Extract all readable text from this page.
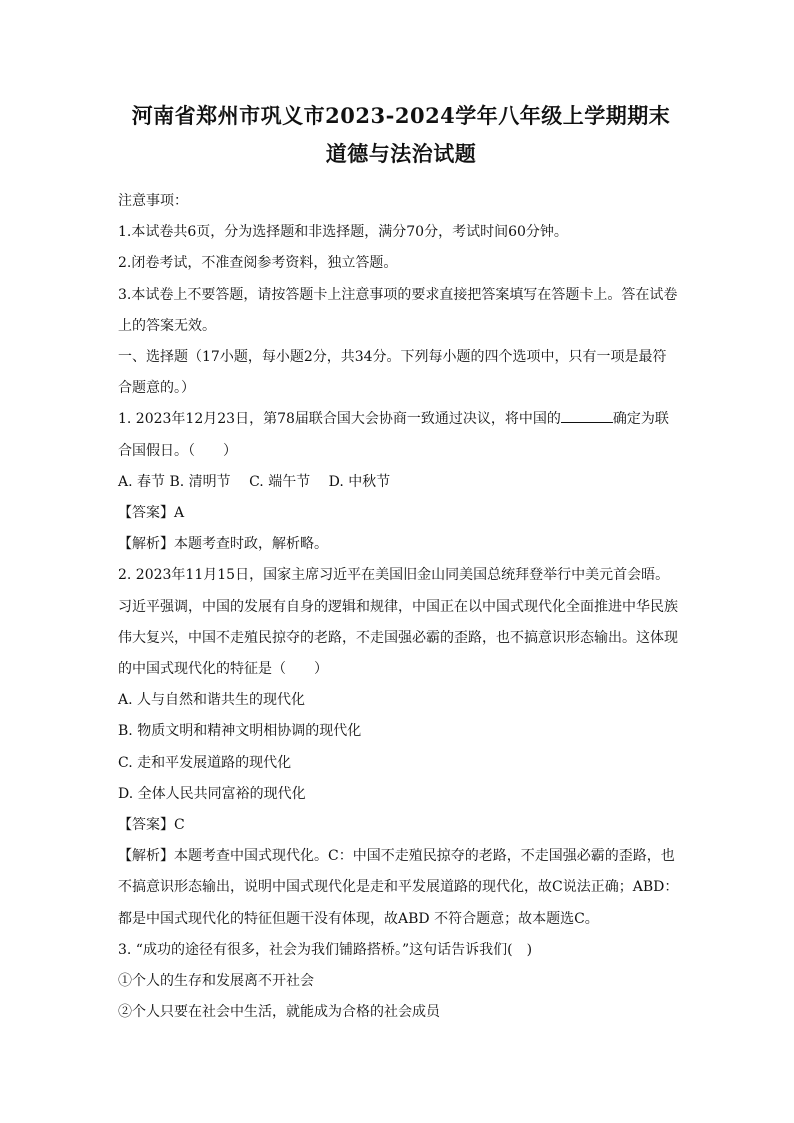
河南省郑州市巩义市2023-2024学年八年级上学期期末
道德与法治试题
注意事项：
1.本试卷共6页，分为选择题和非选择题，满分70分，考试时间60分钟。
2.闭卷考试，不准查阅参考资料，独立答题。
3.本试卷上不要答题，请按答题卡上注意事项的要求直接把答案填写在答题卡上。答在试卷
上的答案无效。
一、选择题（17小题，每小题2分，共34分。下列每小题的四个选项中，只有一项是最符
合题意的。）
1. 2023年12月23日，第78届联合国大会协商一致通过决议，将中国的	确定为联
合国假日。（　　）
A. 春节 B. 清明节　 C. 端午节　 D. 中秋节
【答案】A
【解析】本题考查时政，解析略。
2. 2023年11月15日，国家主席习近平在美国旧金山同美国总统拜登举行中美元首会晤。
习近平强调，中国的发展有自身的逻辑和规律，中国正在以中国式现代化全面推进中华民族
伟大复兴，中国不走殖民掠夺的老路，不走国强必霸的歪路，也不搞意识形态输出。这体现
的中国式现代化的特征是（　　）
A. 人与自然和谐共生的现代化
B. 物质文明和精神文明相协调的现代化
C. 走和平发展道路的现代化
D. 全体人民共同富裕的现代化
【答案】C
【解析】本题考查中国式现代化。C：中国不走殖民掠夺的老路，不走国强必霸的歪路，也
不搞意识形态输出，说明中国式现代化是走和平发展道路的现代化，故C说法正确；ABD：
都是中国式现代化的特征但题干没有体现，故ABD 不符合题意；故本题选C。
3. “成功的途径有很多，社会为我们铺路搭桥。”这句话告诉我们(　)
①个人的生存和发展离不开社会
②个人只要在社会中生活，就能成为合格的社会成员
